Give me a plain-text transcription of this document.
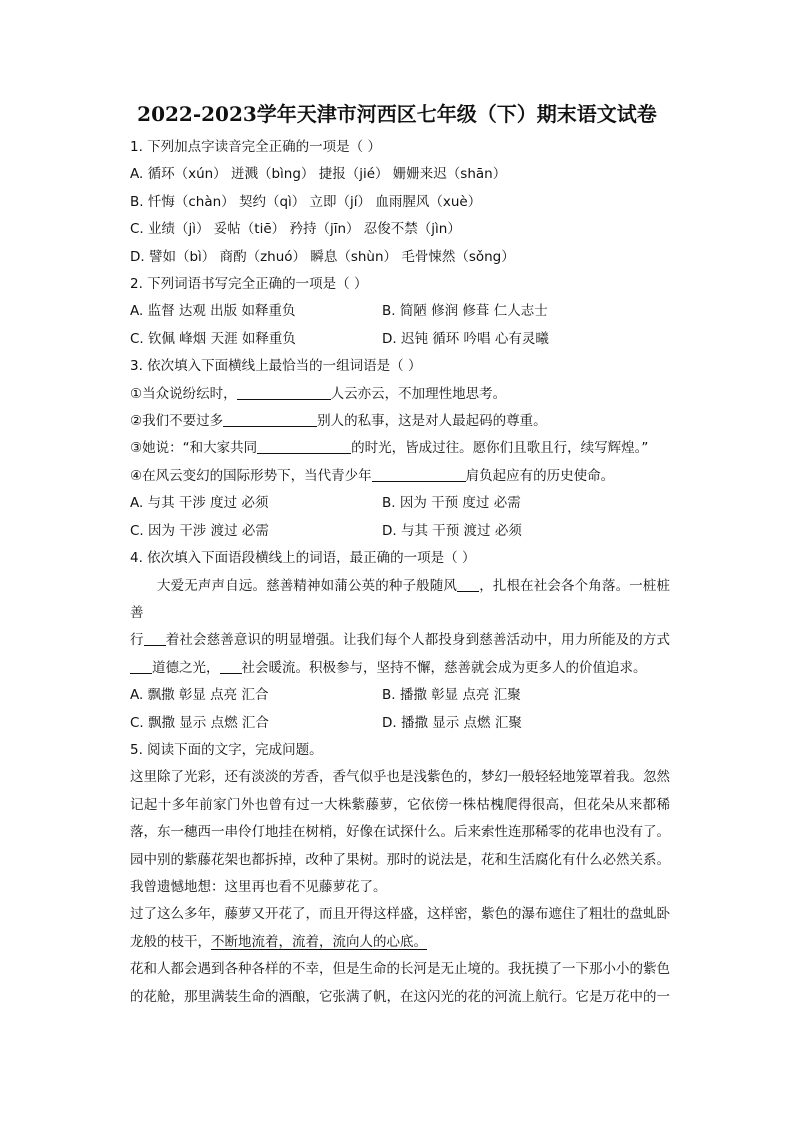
2022-2023学年天津市河西区七年级（下）期末语文试卷
1. 下列加点字读音完全正确的一项是（ ）
A. 循环（xún） 迸溅（bìng） 捷报（jié） 姗姗来迟（shān）
B. 忏悔（chàn） 契约（qì） 立即（jí） 血雨腥风（xuè）
C. 业绩（jì） 妥帖（tiē） 矜持（jīn） 忍俊不禁（jìn）
D. 譬如（bì） 商酌（zhuó） 瞬息（shùn） 毛骨悚然（sǒng）
2. 下列词语书写完全正确的一项是（ ）
A. 监督 达观 出版 如释重负	B. 简陋 修润 修葺 仁人志士
C. 钦佩 峰烟 天涯 如释重负	D. 迟钝 循环 吟唱 心有灵曦
3. 依次填入下面横线上最恰当的一组词语是（ ）
①当众说纷纭时，	人云亦云，不加理性地思考。
②我们不要过多	别人的私事，这是对人最起码的尊重。
③她说：“和大家共同	的时光，皆成过往。愿你们且歌且行，续写辉煌。”
④在风云变幻的国际形势下，当代青少年	肩负起应有的历史使命。
A. 与其 干涉 度过 必须	B. 因为 干预 度过 必需
C. 因为 干涉 渡过 必需	D. 与其 干预 渡过 必须
4. 依次填入下面语段横线上的词语，最正确的一项是（ ）
大爱无声声自远。慈善精神如蒲公英的种子般随风 ，扎根在社会各个角落。一桩桩善
行 着社会慈善意识的明显增强。让我们每个人都投身到慈善活动中，用力所能及的方式道德之光， 社会暖流。积极参与，坚持不懈，慈善就会成为更多人的价值追求。
A. 飘撒 彰显 点亮 汇合	B. 播撒 彰显 点亮 汇聚
C. 飘撒 显示 点燃 汇合	D. 播撒 显示 点燃 汇聚
5. 阅读下面的文字，完成问题。
这里除了光彩，还有淡淡的芳香，香气似乎也是浅紫色的，梦幻一般轻轻地笼罩着我。忽然记起十多年前家门外也曾有过一大株紫藤萝，它依傍一株枯槐爬得很高，但花朵从来都稀落，东一穗西一串伶仃地挂在树梢，好像在试探什么。后来索性连那稀零的花串也没有了。园中别的紫藤花架也都拆掉，改种了果树。那时的说法是，花和生活腐化有什么必然关系。我曾遗憾地想：这里再也看不见藤萝花了。
过了这么多年，藤萝又开花了，而且开得这样盛，这样密，紫色的瀑布遮住了粗壮的盘虬卧龙般的枝干，不断地流着，流着，流向人的心底。
花和人都会遇到各种各样的不幸，但是生命的长河是无止境的。我抚摸了一下那小小的紫色的花舱，那里满装生命的酒酿，它张满了帆，在这闪光的花的河流上航行。它是万花中的一
